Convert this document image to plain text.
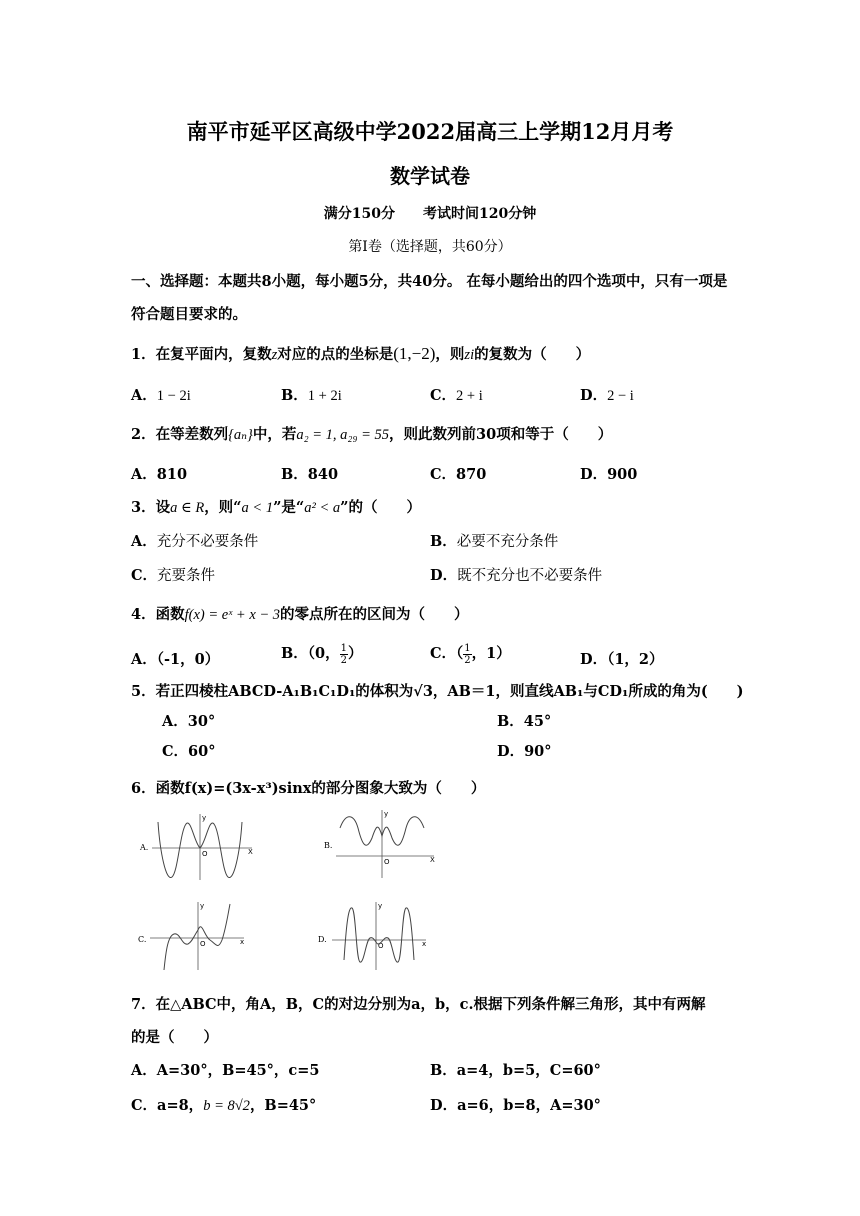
南平市延平区高级中学2022届高三上学期12月月考
数学试卷
满分150分　　考试时间120分钟
第Ⅰ卷（选择题，共60分）
一、选择题：本题共8小题，每小题5分，共40分。 在每小题给出的四个选项中，只有一项是
符合题目要求的。
1．在复平面内，复数z对应的点的坐标是(1,−2)，则zi的复数为（　　）
A．1 − 2i	B．1 + 2i	C．2 + i	D．2 − i
2．在等差数列{aₙ}中，若a₂ = 1, a₂₉ = 55，则此数列前30项和等于（　　）
A．810	B．840	C．870	D．900
3．设a ∈ R，则“a < 1”是“a² < a”的（　　）
A．充分不必要条件	B．必要不充分条件
C．充要条件	D．既不充分也不必要条件
4．函数f(x) = eˣ + x − 3的零点所在的区间为（　　）
A．（-1，0）	B．（0， $\frac{1}{2}$ ）	C．（ $\frac{1}{2}$ ，1）	D．（1，2）
5．若正四棱柱ABCD-A₁B₁C₁D₁的体积为√3，AB＝1，则直线AB₁与CD₁所成的角为(　　)
A．30°	B．45°
C．60°	D．90°
6．函数f(x)=(3x-x³)sinx的部分图象大致为（　　）
A.	X
y
O
B.
X
y
O
C.	x
y
O	D.	x
y
O
7．在△ABC中，角A，B，C的对边分别为a，b，c.根据下列条件解三角形，其中有两解
的是（　　）
A．A=30°，B=45°，c=5	B．a=4，b=5，C=60°
C．a=8，b = 8√2，B=45°	D．a=6，b=8，A=30°
